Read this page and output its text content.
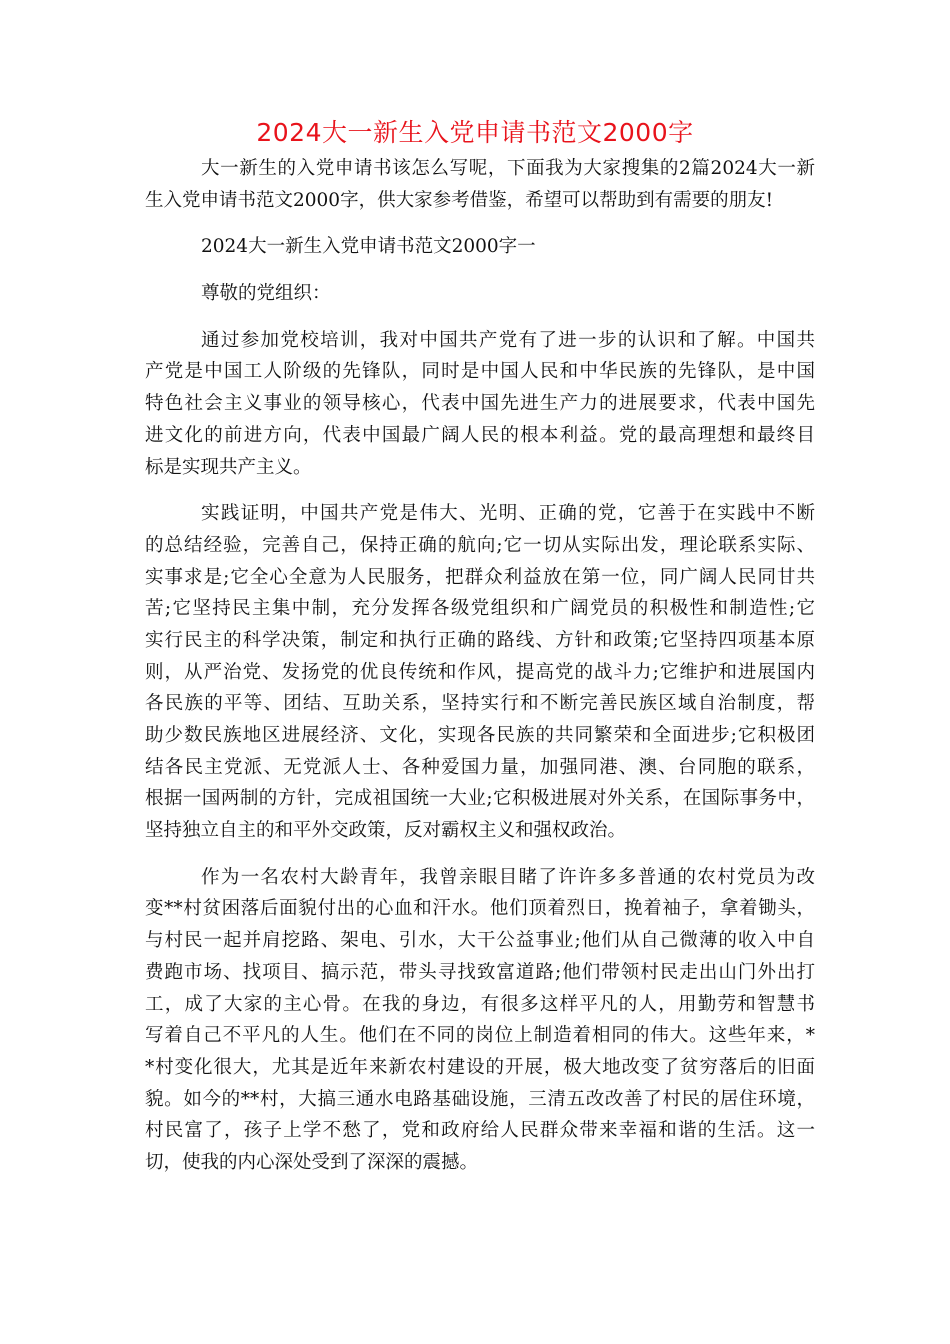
2024大一新生入党申请书范文2000字
大一新生的入党申请书该怎么写呢，下面我为大家搜集的2篇2024大一新
生入党申请书范文2000字，供大家参考借鉴，希望可以帮助到有需要的朋友!
2024大一新生入党申请书范文2000字一
尊敬的党组织：
通过参加党校培训，我对中国共产党有了进一步的认识和了解。中国共
产党是中国工人阶级的先锋队，同时是中国人民和中华民族的先锋队，是中国
特色社会主义事业的领导核心，代表中国先进生产力的进展要求，代表中国先
进文化的前进方向，代表中国最广阔人民的根本利益。党的最高理想和最终目
标是实现共产主义。
实践证明，中国共产党是伟大、光明、正确的党，它善于在实践中不断
的总结经验，完善自己，保持正确的航向;它一切从实际出发，理论联系实际、
实事求是;它全心全意为人民服务，把群众利益放在第一位，同广阔人民同甘共
苦;它坚持民主集中制，充分发挥各级党组织和广阔党员的积极性和制造性;它
实行民主的科学决策，制定和执行正确的路线、方针和政策;它坚持四项基本原
则，从严治党、发扬党的优良传统和作风，提高党的战斗力;它维护和进展国内
各民族的平等、团结、互助关系，坚持实行和不断完善民族区域自治制度，帮
助少数民族地区进展经济、文化，实现各民族的共同繁荣和全面进步;它积极团
结各民主党派、无党派人士、各种爱国力量，加强同港、澳、台同胞的联系，
根据一国两制的方针，完成祖国统一大业;它积极进展对外关系，在国际事务中，
坚持独立自主的和平外交政策，反对霸权主义和强权政治。
作为一名农村大龄青年，我曾亲眼目睹了许许多多普通的农村党员为改
变**村贫困落后面貌付出的心血和汗水。他们顶着烈日，挽着袖子，拿着锄头，
与村民一起并肩挖路、架电、引水，大干公益事业;他们从自己微薄的收入中自
费跑市场、找项目、搞示范，带头寻找致富道路;他们带领村民走出山门外出打
工，成了大家的主心骨。在我的身边，有很多这样平凡的人，用勤劳和智慧书
写着自己不平凡的人生。他们在不同的岗位上制造着相同的伟大。这些年来，*
*村变化很大，尤其是近年来新农村建设的开展，极大地改变了贫穷落后的旧面
貌。如今的**村，大搞三通水电路基础设施，三清五改改善了村民的居住环境，
村民富了，孩子上学不愁了，党和政府给人民群众带来幸福和谐的生活。这一
切，使我的内心深处受到了深深的震撼。
